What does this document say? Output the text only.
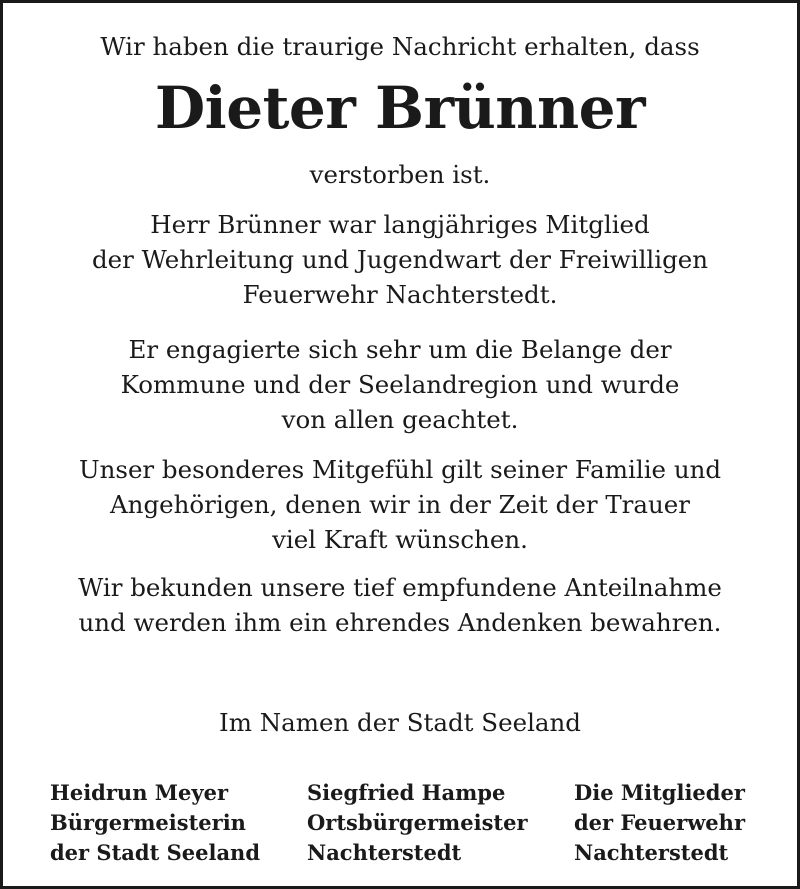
Wir haben die traurige Nachricht erhalten, dass
Dieter Brünner
verstorben ist.
Herr Brünner war langjähriges Mitglied
der Wehrleitung und Jugendwart der Freiwilligen
Feuerwehr Nachterstedt.
Er engagierte sich sehr um die Belange der
Kommune und der Seelandregion und wurde
von allen geachtet.
Unser besonderes Mitgefühl gilt seiner Familie und
Angehörigen, denen wir in der Zeit der Trauer
viel Kraft wünschen.
Wir bekunden unsere tief empfundene Anteilnahme
und werden ihm ein ehrendes Andenken bewahren.
Im Namen der Stadt Seeland
Heidrun Meyer
Bürgermeisterin
der Stadt Seeland
Siegfried Hampe
Ortsbürgermeister
Nachterstedt
Die Mitglieder
der Feuerwehr
Nachterstedt
